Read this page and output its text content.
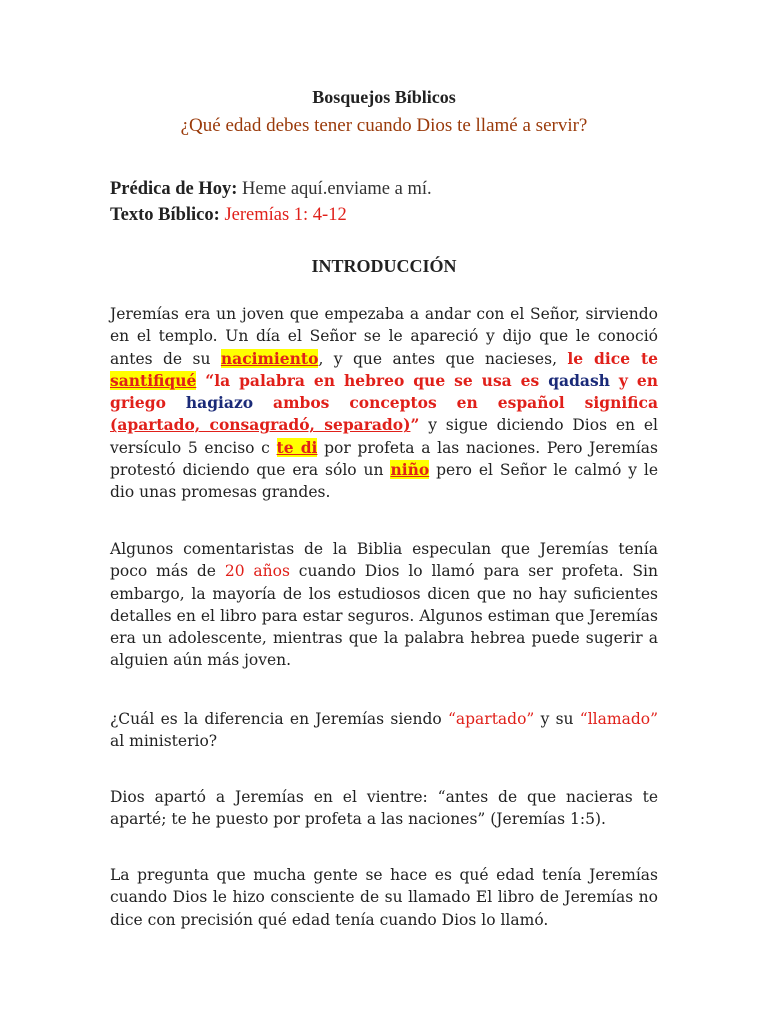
Bosquejos Bíblicos
¿Qué edad debes tener cuando Dios te llamé a servir?
Prédica de Hoy: Heme aquí.enviame a mí.
Texto Bíblico: Jeremías 1: 4-12
INTRODUCCIÓN
Jeremías era un joven que empezaba a andar con el Señor, sirviendo en el templo. Un día el Señor se le apareció y dijo que le conoció antes de su nacimiento, y que antes que nacieses, le dice te santifiqué “la palabra en hebreo que se usa es qadash y en griego hagiazo ambos conceptos en español significa (apartado, consagradó, separado)” y sigue diciendo Dios en el versículo 5 enciso c te di por profeta a las naciones. Pero Jeremías protestó diciendo que era sólo un niño pero el Señor le calmó y le dio unas promesas grandes.
Algunos comentaristas de la Biblia especulan que Jeremías tenía poco más de 20 años cuando Dios lo llamó para ser profeta. Sin embargo, la mayoría de los estudiosos dicen que no hay suficientes detalles en el libro para estar seguros. Algunos estiman que Jeremías era un adolescente, mientras que la palabra hebrea puede sugerir a alguien aún más joven.
¿Cuál es la diferencia en Jeremías siendo “apartado” y su “llamado” al ministerio?
Dios apartó a Jeremías en el vientre: “antes de que nacieras te aparté; te he puesto por profeta a las naciones” (Jeremías 1:5).
La pregunta que mucha gente se hace es qué edad tenía Jeremías cuando Dios le hizo consciente de su llamado El libro de Jeremías no dice con precisión qué edad tenía cuando Dios lo llamó.
